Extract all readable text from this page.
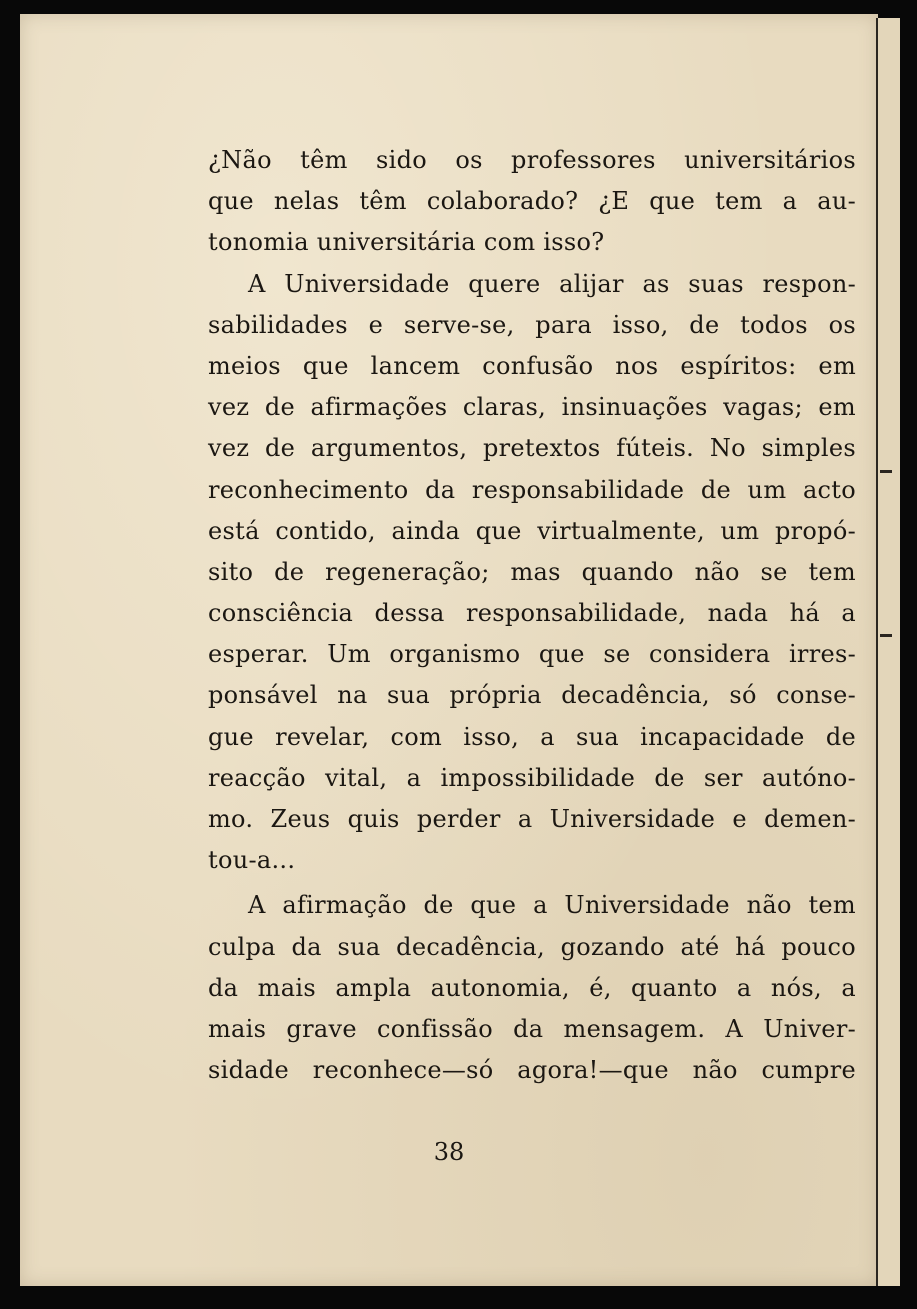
¿Não têm sido os professores universitários
que nelas têm colaborado? ¿E que tem a au-
tonomia universitária com isso?
A Universidade quere alijar as suas respon-
sabilidades e serve-se, para isso, de todos os
meios que lancem confusão nos espíritos: em
vez de afirmações claras, insinuações vagas; em
vez de argumentos, pretextos fúteis. No simples
reconhecimento da responsabilidade de um acto
está contido, ainda que virtualmente, um propó-
sito de regeneração; mas quando não se tem
consciência dessa responsabilidade, nada há a
esperar. Um organismo que se considera irres-
ponsável na sua própria decadência, só conse-
gue revelar, com isso, a sua incapacidade de
reacção vital, a impossibilidade de ser autóno-
mo. Zeus quis perder a Universidade e demen-
tou-a...
A afirmação de que a Universidade não tem
culpa da sua decadência, gozando até há pouco
da mais ampla autonomia, é, quanto a nós, a
mais grave confissão da mensagem. A Univer-
sidade reconhece—só agora!—que não cumpre
38
